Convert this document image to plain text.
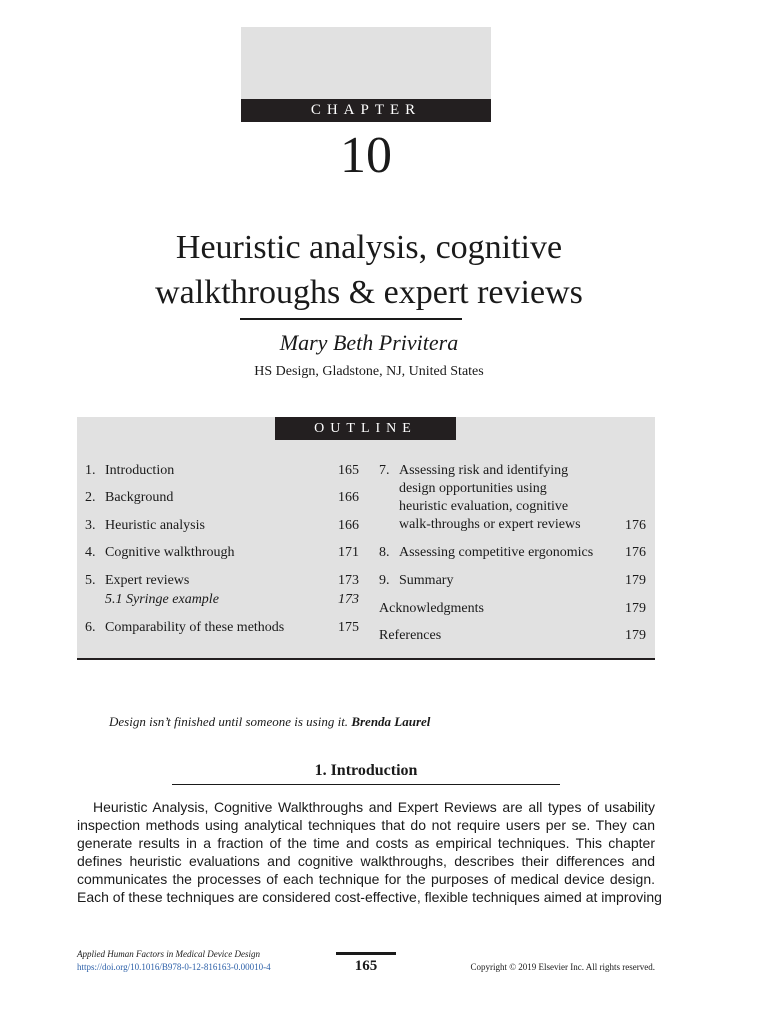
CHAPTER
10
Heuristic analysis, cognitive
walkthroughs & expert reviews
Mary Beth Privitera
HS Design, Gladstone, NJ, United States
OUTLINE
1. Introduction	165
2. Background	166
3. Heuristic analysis	166
4. Cognitive walkthrough	171
5. Expert reviews	173
5.1 Syringe example	173
6. Comparability of these methods	175
7. Assessing risk and identifying
design opportunities using
heuristic evaluation, cognitive
walk-throughs or expert reviews	176
8. Assessing competitive ergonomics	176
9. Summary	179
Acknowledgments	179
References	179
Design isn’t finished until someone is using it. Brenda Laurel
1. Introduction
Heuristic Analysis, Cognitive Walkthroughs and Expert Reviews are all types of usability
inspection methods using analytical techniques that do not require users per se. They can
generate results in a fraction of the time and costs as empirical techniques. This chapter
defines heuristic evaluations and cognitive walkthroughs, describes their differences and
communicates the processes of each technique for the purposes of medical device design.
Each of these techniques are considered cost-effective, flexible techniques aimed at improving
Applied Human Factors in Medical Device Design
https://doi.org/10.1016/B978-0-12-816163-0.00010-4	165	Copyright © 2019 Elsevier Inc. All rights reserved.
